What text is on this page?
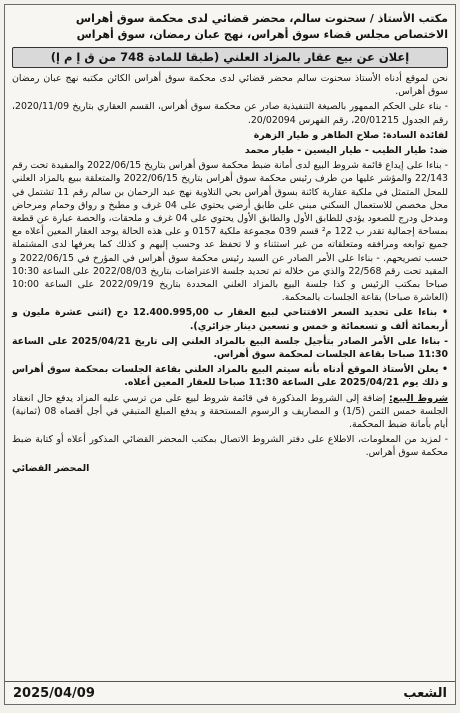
مكتب الأستاذ / سحنوت سالم، محضر قضائي لدى محكمة سوق أهراس

الاختصاص مجلس قضاء سوق أهراس، نهج عبان رمضان، سوق أهراس

إعلان عن بيع عقار بالمزاد العلني (طبقا للمادة 748 من ق إ م إ)

نحن لموقع أدناه الأستاذ سحنوت سالم محضر قضائي لدى محكمة سوق أهراس الكائن مكتبه نهج عبان رمضان سوق أهراس.

- بناء على الحكم الممهور بالصيغة التنفيذية صادر عن محكمة سوق أهراس، القسم العقاري بتاريخ 2020/11/09، رقم الجدول 20/01215، رقم الفهرس 20/02094.

لفائدة السادة: صلاح الطاهر و طيار الزهرة

ضد: طيار الطيب - طيار اليسين - طيار محمد

- بناءا على إيداع قائمة شروط البيع لدى أمانة ضبط محكمة سوق أهراس بتاريخ 2022/06/15 والمقيدة تحت رقم 22/143 والمؤشر عليها من طرف رئيس محكمة سوق أهراس بتاريخ 2022/06/15 والمتعلقة ببيع بالمزاد العلني للمحل المتمثل في ملكية عقارية كائنة بسوق أهراس بحي التلاوية نهج عبد الرحمان بن سالم رقم 11 تشتمل في محل مخصص للاستعمال السكني مبني على طابق أرضي يحتوي على 04 غرف و مطبخ و رواق وحمام ومرحاض ومدخل ودرج للصعود يؤدي للطابق الأول والطابق الأول يحتوي على 04 غرف و ملحقات، والحصة عبارة عن قطعة بمساحة إجمالية تقدر ب 122 م² قسم 039 مجموعة ملكية 0157 و على هذه الحالة يوجد العقار المعين أعلاه مع جميع توابعه ومرافقه ومتعلقاته من غير استثناء و لا تحفظ عد وحسب إليهم و كذلك كما يعرفها لدى المشتملة حسب تصريحهم. - بناءا على الأمر الصادر عن السيد رئيس محكمة سوق أهراس في المؤرخ في 2022/06/15 و المقيد تحت رقم 22/568 والذي من خلاله تم تحديد جلسة الاعتراضات بتاريخ 2022/08/03 على الساعة 10:30 صباحا بمكتب الرئيس و كذا جلسة البيع بالمزاد العلني المحددة بتاريخ 2022/09/19 على الساعة 10:00 (العاشرة صباحا) بقاعة الجلسات بالمحكمة.

• بناءا على تحديد السعر الافتتاحي لبيع العقار ب 12.400.995,00 دج (اثنى عشرة مليون و أربعمائة ألف و تسعمائة و خمس و تسعين دينار جزائري).

- بناءا على الأمر الصادر بتأجيل جلسة البيع بالمزاد العلني إلى تاريخ 2025/04/21 على الساعة 11:30 صباحا بقاعة الجلسات لمحكمة سوق أهراس.

• يعلن الأستاذ الموقع أدناه بأنه سيتم البيع بالمزاد العلني بقاعة الجلسات بمحكمة سوق أهراس و ذلك يوم 2025/04/21 على الساعة 11:30 صباحا للعقار المعين أعلاه.

شروط البيع: إضافة إلى الشروط المذكورة في قائمة شروط لبيع على من ترسي عليه المزاد يدفع حال انعقاد الجلسة خمس الثمن (1/5) و المصاريف و الرسوم المستحقة و يدفع المبلغ المتبقي في أجل أقصاه 08 (ثمانية) أيام بأمانة ضبط المحكمة.

- لمزيد من المعلومات، الاطلاع على دفتر الشروط الاتصال بمكتب المحضر القضائي المذكور أعلاه أو كتابة ضبط محكمة سوق أهراس.

المحضر القضائي
2025/04/09	الشعب
